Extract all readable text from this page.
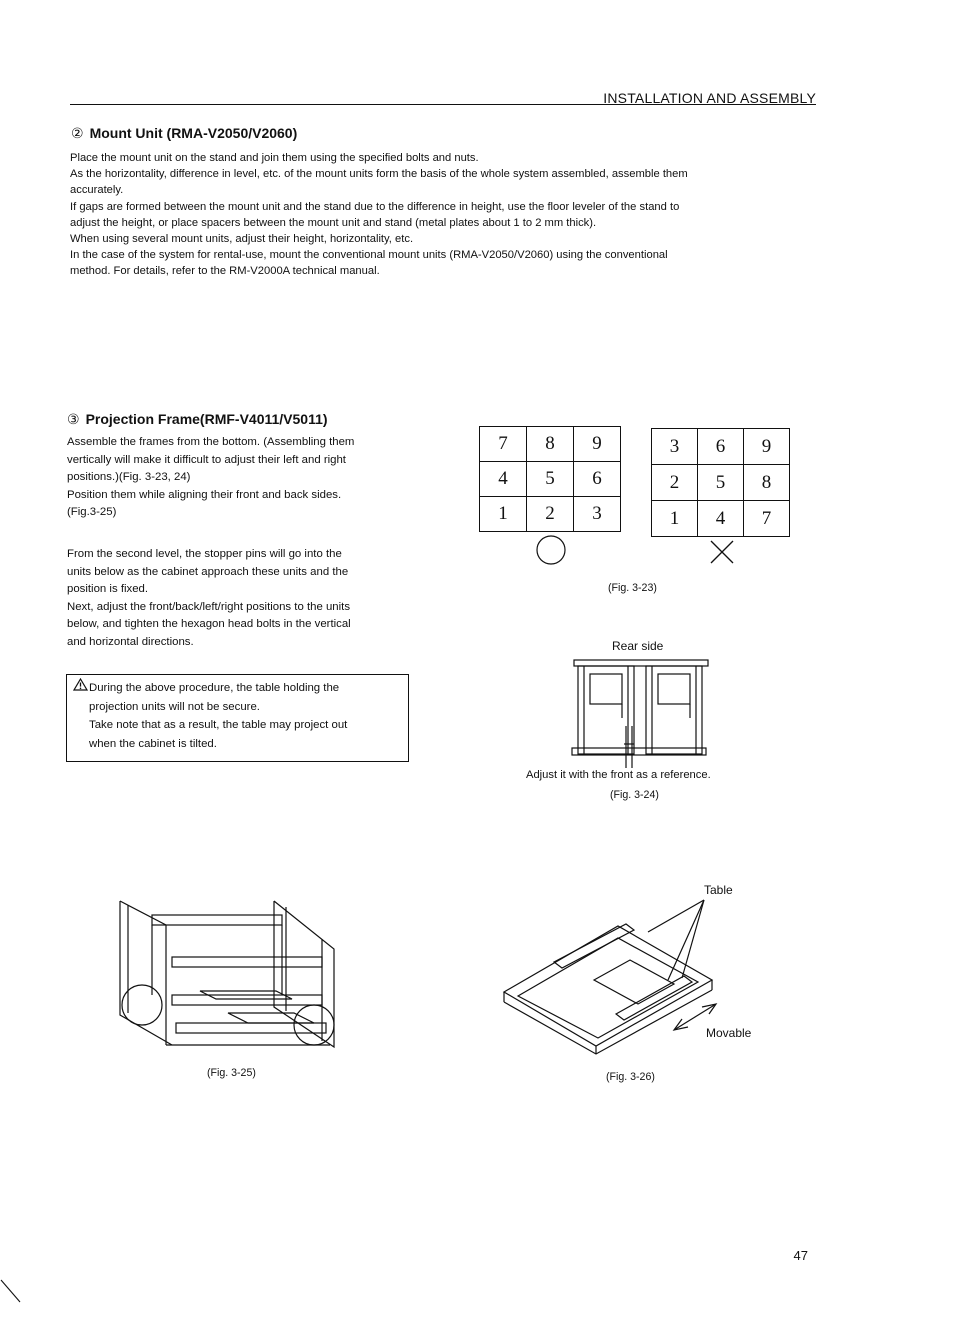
INSTALLATION AND ASSEMBLY
② Mount Unit (RMA-V2050/V2060)

Place the mount unit on the stand and join them using the specified bolts and nuts.

As the horizontality, difference in level, etc. of the mount units form the basis of the whole system assembled, assemble them

accurately.

If gaps are formed between the mount unit and the stand due to the difference in height, use the floor leveler of the stand to

adjust the height, or place spacers between the mount unit and stand (metal plates about 1 to 2 mm thick).

When using several mount units, adjust their height, horizontality, etc.

In the case of the system for rental-use, mount the conventional mount units (RMA-V2050/V2060) using the conventional

method. For details, refer to the RM-V2000A technical manual.

③ Projection Frame(RMF-V4011/V5011)

Assemble the frames from the bottom. (Assembling them

vertically will make it difficult to adjust their left and right

positions.)(Fig. 3-23, 24)

Position them while aligning their front and back sides.

(Fig.3-25)

From the second level, the stopper pins will go into the

units below as the cabinet approach these units and the

position is fixed.

Next, adjust the front/back/left/right positions to the units

below, and tighten the hexagon head bolts in the vertical

and horizontal directions.

During the above procedure, the table holding the

projection units will not be secure.

Take note that as a result, the table may project out

when the cabinet is tilted.

7	8	9
4	5	6
1	2	3
3	6	9
2	5	8
1	4	7
(Fig. 3-23)
Rear side
Adjust it with the front as a reference.
(Fig. 3-24)
(Fig. 3-25)
Table
Movable
(Fig. 3-26)
47
